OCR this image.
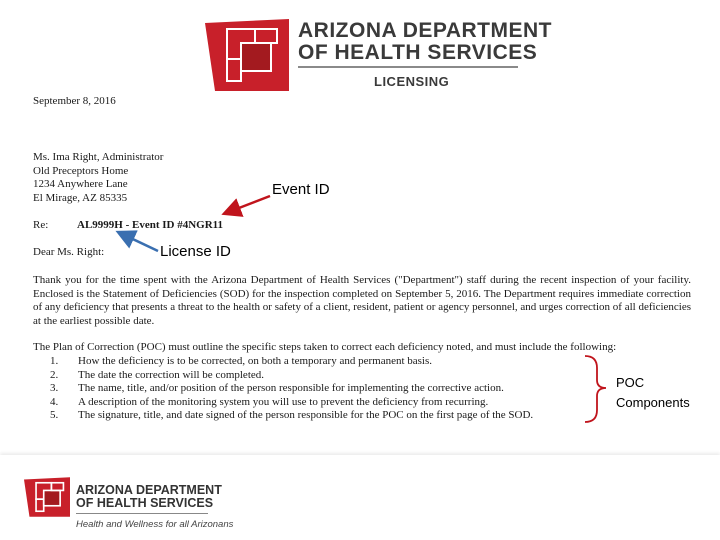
ARIZONA DEPARTMENT
OF HEALTH SERVICES
LICENSING
September 8, 2016
Ms. Ima Right, Administrator
Old Preceptors Home
1234 Anywhere Lane
El Mirage, AZ 85335
Re:	AL9999H - Event ID #4NGR11
Dear Ms. Right:
Thank you for the time spent with the Arizona Department of Health Services ("Department") staff during the recent inspection of your facility. Enclosed is the Statement of Deficiencies (SOD) for the inspection completed on September 5, 2016. The Department requires immediate correction of any deficiency that presents a threat to the health or safety of a client, resident, patient or agency personnel, and urges correction of all deficiencies at the earliest possible date.
The Plan of Correction (POC) must outline the specific steps taken to correct each deficiency noted, and must include the following:
1. How the deficiency is to be corrected, on both a temporary and permanent basis.
2. The date the correction will be completed.
3. The name, title, and/or position of the person responsible for implementing the corrective action.
4. A description of the monitoring system you will use to prevent the deficiency from recurring.
5. The signature, title, and date signed of the person responsible for the POC on the first page of the SOD.
Event ID
License ID
POC
Components
ARIZONA DEPARTMENT
OF HEALTH SERVICES
Health and Wellness for all Arizonans
